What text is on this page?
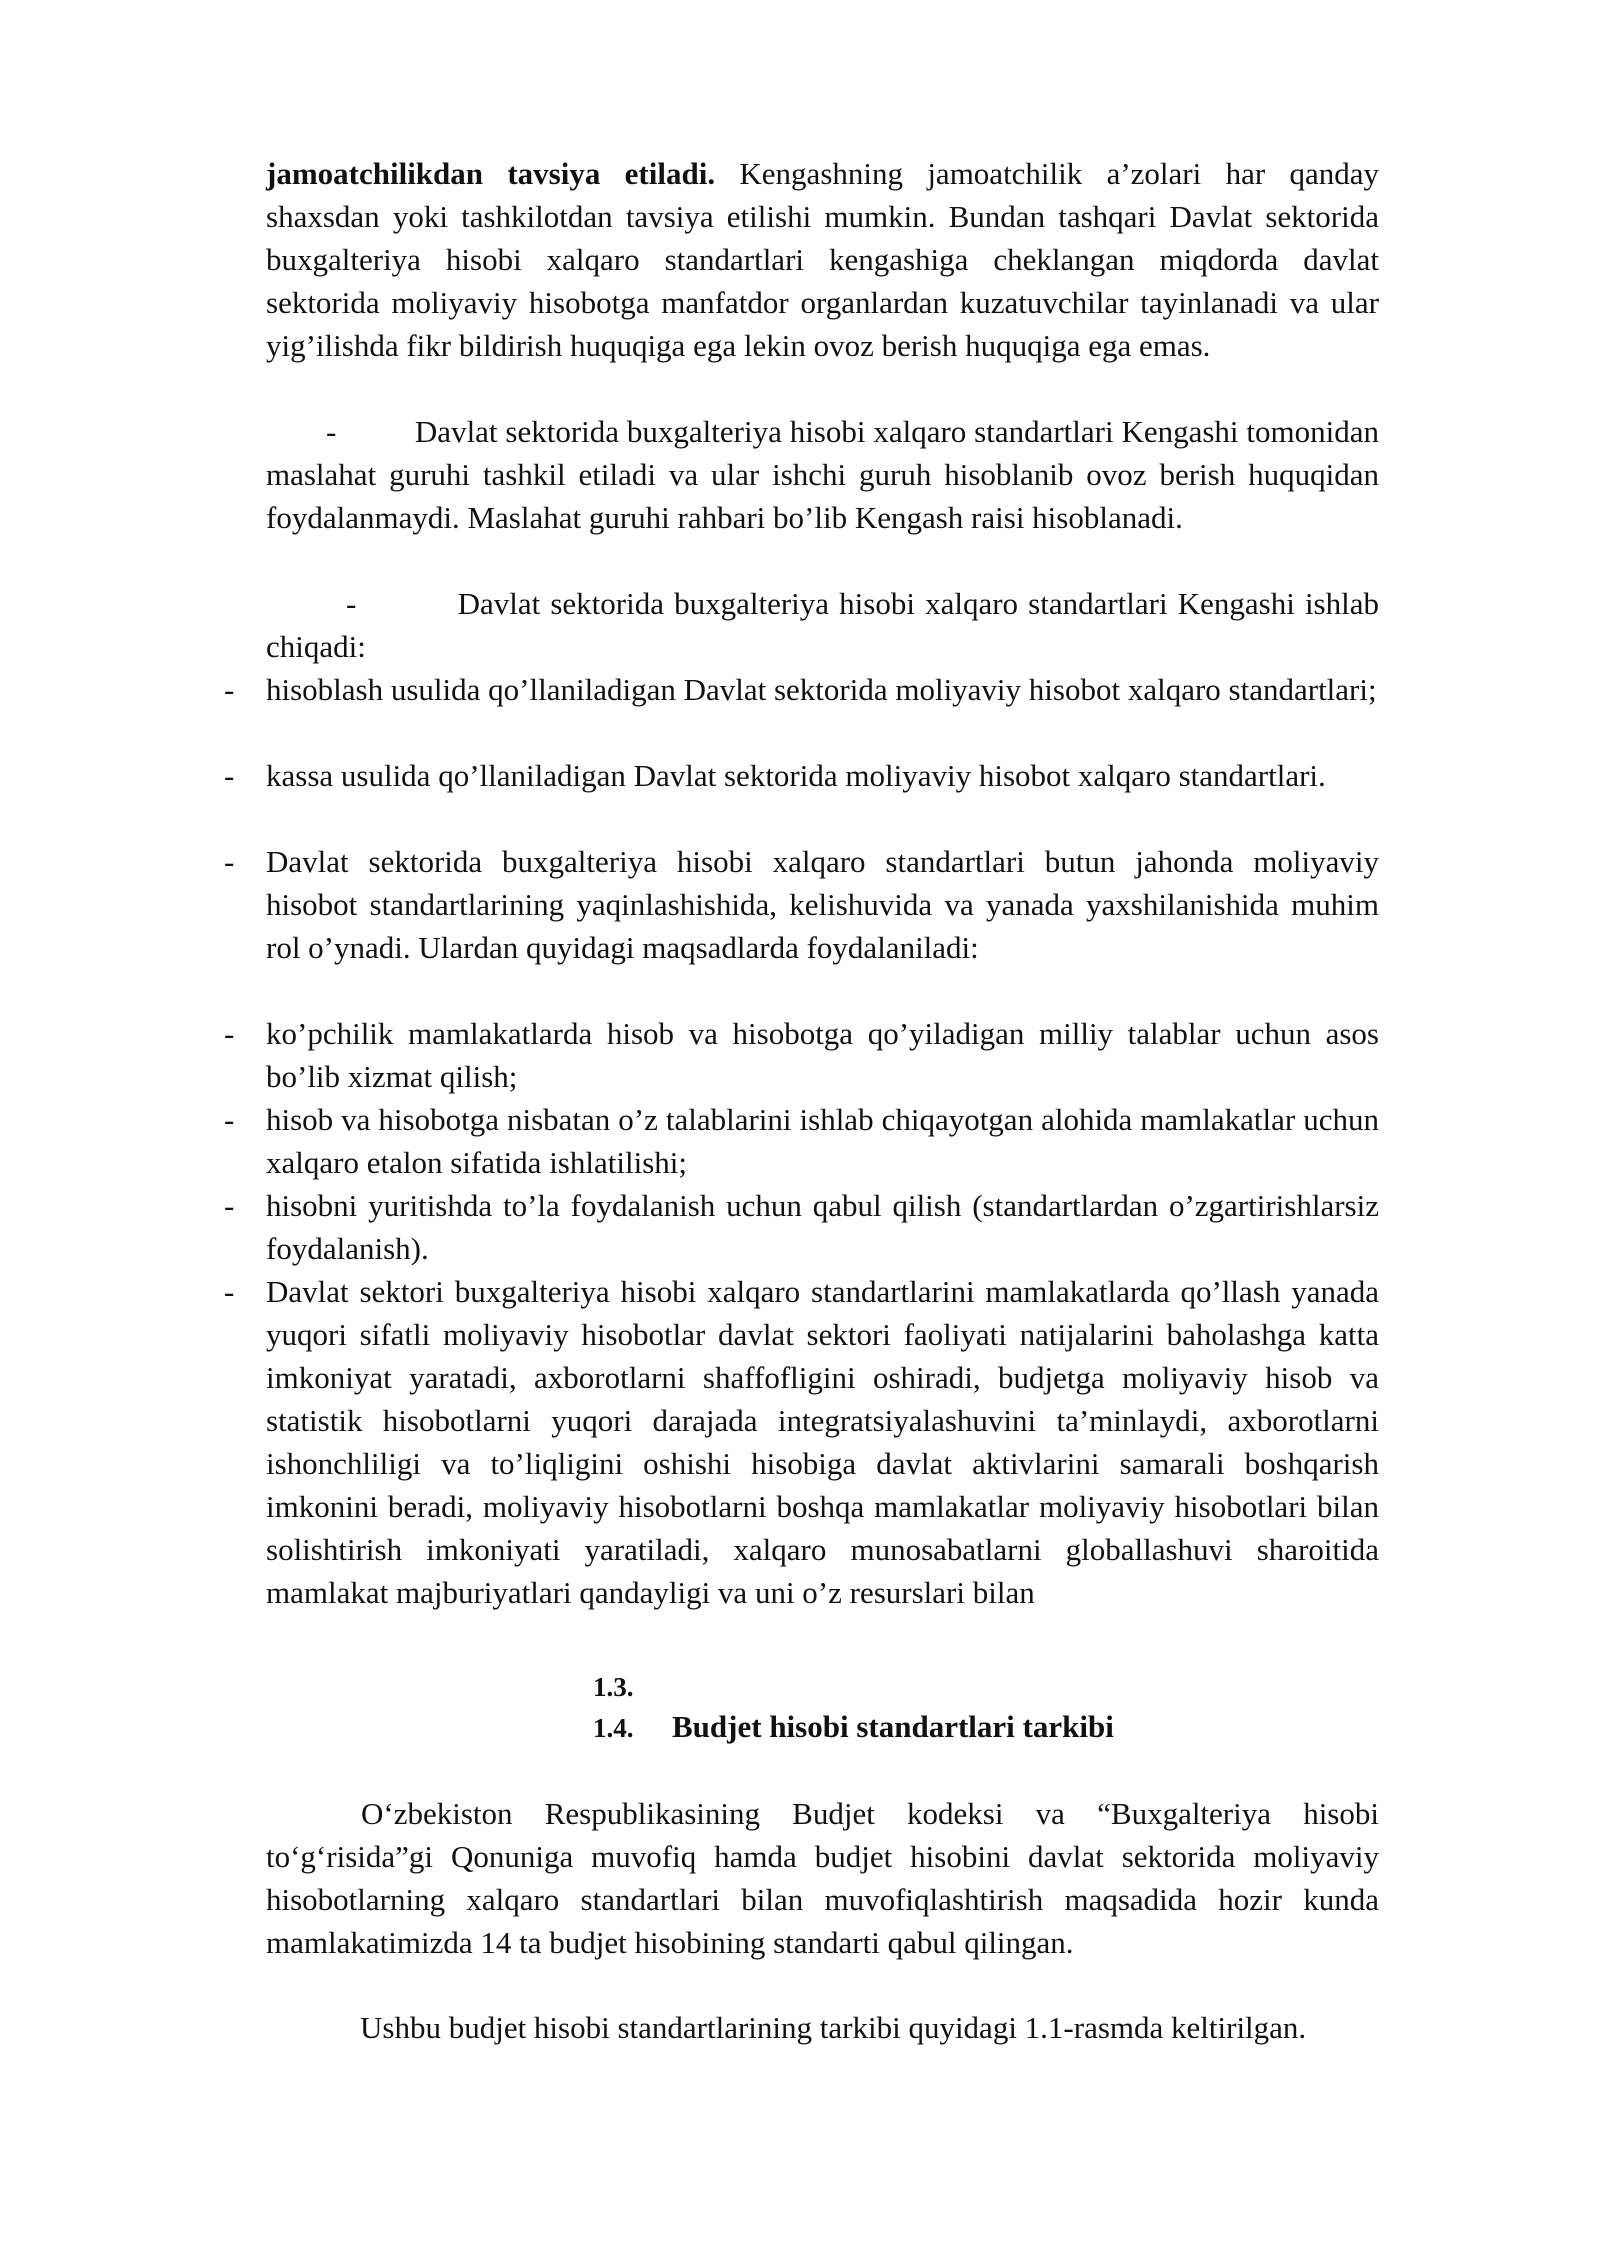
jamoatchilikdan tavsiya etiladi. Kengashning jamoatchilik a’zolari har qanday shaxsdan yoki tashkilotdan tavsiya etilishi mumkin. Bundan tashqari Davlat sektorida buxgalteriya hisobi xalqaro standartlari kengashiga cheklangan miqdorda davlat sektorida moliyaviy hisobotga manfatdor organlardan kuzatuvchilar tayinlanadi va ular yig’ilishda fikr bildirish huquqiga ega lekin ovoz berish huquqiga ega emas.

-          Davlat sektorida buxgalteriya hisobi xalqaro standartlari Kengashi tomonidan maslahat guruhi tashkil etiladi va ular ishchi guruh hisoblanib ovoz berish huquqidan foydalanmaydi. Maslahat guruhi rahbari bo’lib Kengash raisi hisoblanadi.

-          Davlat sektorida buxgalteriya hisobi xalqaro standartlari Kengashi ishlab chiqadi:

-	hisoblash usulida qo’llaniladigan Davlat sektorida moliyaviy hisobot xalqaro standartlari;

-	kassa usulida qo’llaniladigan Davlat sektorida moliyaviy hisobot xalqaro standartlari.

-	Davlat sektorida buxgalteriya hisobi xalqaro standartlari butun jahonda moliyaviy hisobot standartlarining yaqinlashishida, kelishuvida va yanada yaxshilanishida muhim rol o’ynadi. Ulardan quyidagi maqsadlarda foydalaniladi:

-	ko’pchilik mamlakatlarda hisob va hisobotga qo’yiladigan milliy talablar uchun asos bo’lib xizmat qilish;

-	hisob va hisobotga nisbatan o’z talablarini ishlab chiqayotgan alohida mamlakatlar uchun xalqaro etalon sifatida ishlatilishi;

-	hisobni yuritishda to’la foydalanish uchun qabul qilish (standartlardan o’zgartirishlarsiz foydalanish).

-	Davlat sektori buxgalteriya hisobi xalqaro standartlarini mamlakatlarda qo’llash yanada yuqori sifatli moliyaviy hisobotlar davlat sektori faoliyati natijalarini baholashga katta imkoniyat yaratadi, axborotlarni shaffofligini oshiradi, budjetga moliyaviy hisob va statistik hisobotlarni yuqori darajada integratsiyalashuvini ta’minlaydi, axborotlarni ishonchliligi va to’liqligini oshishi hisobiga davlat aktivlarini samarali boshqarish imkonini beradi, moliyaviy hisobotlarni boshqa mamlakatlar moliyaviy hisobotlari bilan solishtirish imkoniyati yaratiladi, xalqaro munosabatlarni globallashuvi sharoitida mamlakat majburiyatlari qandayligi va uni o’z resurslari bilan

1.3.
1.4. Budjet hisobi standartlari tarkibi

O‘zbekiston Respublikasining Budjet kodeksi va “Buxgalteriya hisobi to‘g‘risida”gi Qonuniga muvofiq hamda budjet hisobini davlat sektorida moliyaviy hisobotlarning xalqaro standartlari bilan muvofiqlashtirish maqsadida hozir kunda mamlakatimizda 14 ta budjet hisobining standarti qabul qilingan.

Ushbu budjet hisobi standartlarining tarkibi quyidagi 1.1-rasmda keltirilgan.
